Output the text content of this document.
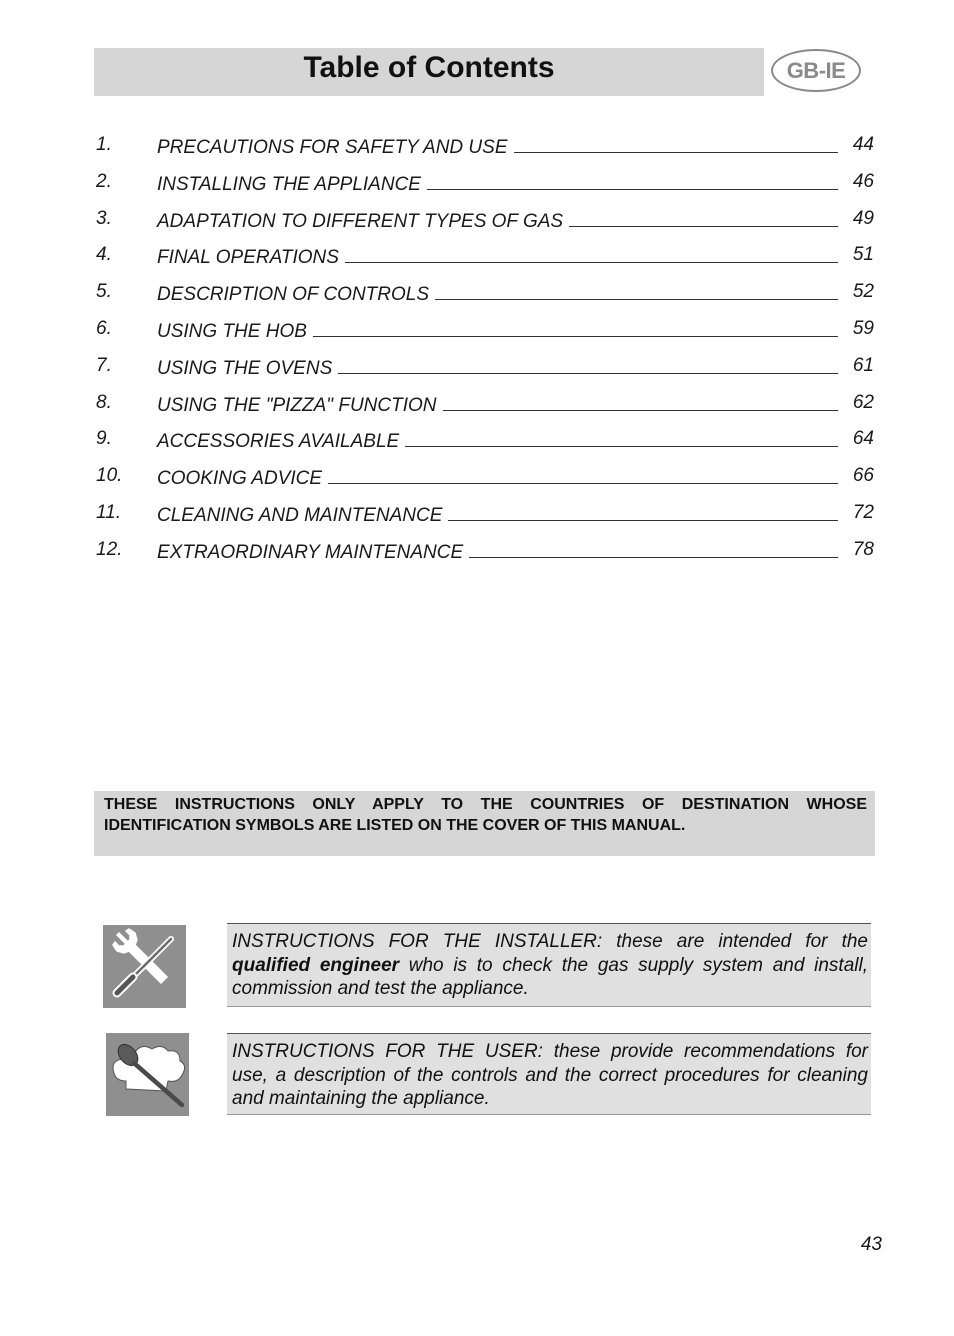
Table of Contents	GB-IE
1. PRECAUTIONS FOR SAFETY AND USE	44
2. INSTALLING THE APPLIANCE	46
3. ADAPTATION TO DIFFERENT TYPES OF GAS	49
4. FINAL OPERATIONS	51
5. DESCRIPTION OF CONTROLS	52
6. USING THE HOB	59
7. USING THE OVENS	61
8. USING THE "PIZZA" FUNCTION	62
9. ACCESSORIES AVAILABLE	64
10. COOKING ADVICE	66
11. CLEANING AND MAINTENANCE	72
12. EXTRAORDINARY MAINTENANCE	78
THESE INSTRUCTIONS ONLY APPLY TO THE COUNTRIES OF DESTINATION WHOSE
IDENTIFICATION SYMBOLS ARE LISTED ON THE COVER OF THIS MANUAL.
INSTRUCTIONS FOR THE INSTALLER: these are intended for the qualified engineer who is to check the gas supply system and install, commission and test the appliance.
INSTRUCTIONS FOR THE USER: these provide recommendations for use, a description of the controls and the correct procedures for cleaning and maintaining the appliance.
43
